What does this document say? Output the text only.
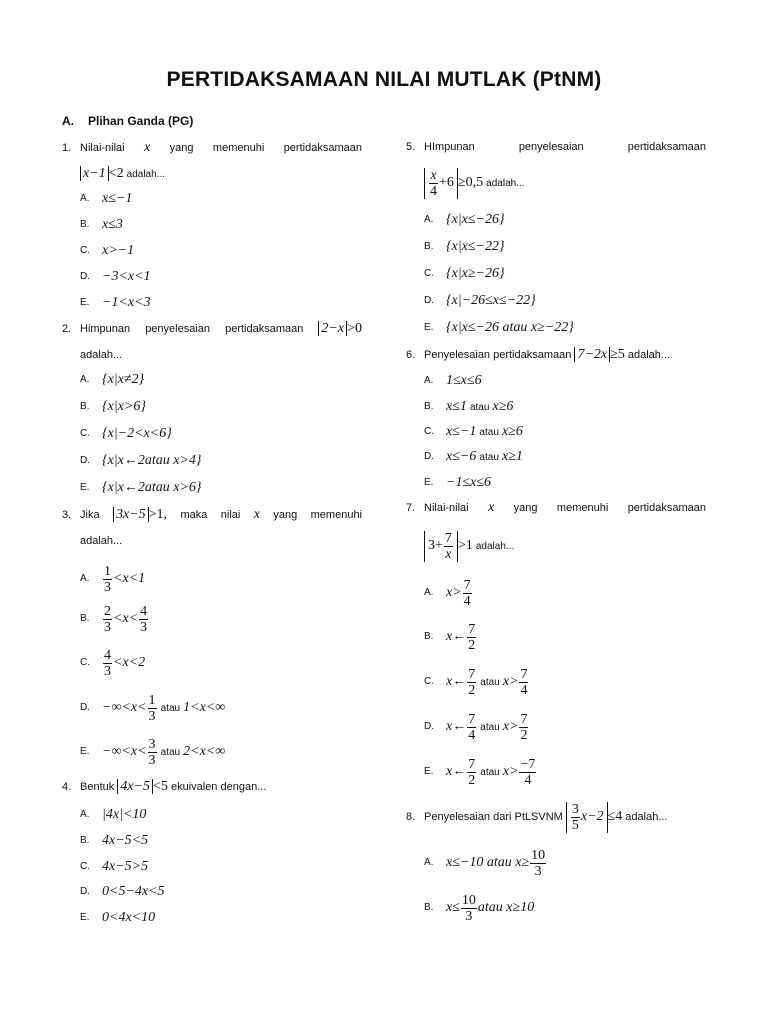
PERTIDAKSAMAAN NILAI MUTLAK (PtNM)
A. Plihan Ganda (PG)
1. Nilai-nilai x yang memenuhi pertidaksamaan
x−1 <2 adalah...
A. x≤−1
B. x≤3
C. x>−1
D. −3<x<1
E. −1<x<3
2. Himpunan penyelesaian pertidaksamaan 2−x >0
adalah...
A. {x|x≠2}
B. {x|x>6}
C. {x|−2<x<6}
D. {x|x←2atau x>4}
E. {x|x←2atau x>6}
3. Jika 3x−5 >1, maka nilai x yang memenuhi
adalah...
A. $\frac{1}{3} <x<1$
B. $\frac{2}{3} <x< \frac{4}{3}$
C. $\frac{4}{3} <x<2$
D. $-\infty<x< \frac{1}{3}$ atau 1<x<∞
E. $-\infty<x< \frac{3}{3}$ atau 2<x<∞
4. Bentuk 4x−5 <5 ekuivalen dengan...
A. |4x|<10
B. 4x−5<5
C. 4x−5>5
D. 0<5−4x<5
E. 0<4x<10
5. HImpunan	penyelesaian	pertidaksamaan
$\frac{x}{4} +6 \ge 0,5$
adalah...
A. {x|x≤−26}
B. {x|x≤−22}
C. {x|x≥−26}
D. {x|−26≤x≤−22}
E. {x|x≤−26 atau x≥−22}
6. Penyelesaian pertidaksamaan 7−2x ≥5 adalah...
A. 1≤x≤6
B. x≤1 atau x≥6
C. x≤−1 atau x≥6
D. x≤−6 atau x≥1
E. −1≤x≤6
7. Nilai-nilai x yang memenuhi pertidaksamaan
$3+ \frac{7}{x} >1$
adalah...
A. $x> \frac{7}{4}$
B. x← $\frac{7}{2}$
C. x← $\frac{7}{2}$ atau $x> \frac{7}{4}$
D. x← $\frac{7}{4}$ atau $x> \frac{7}{2}$
E. x← $\frac{7}{2}$ atau $x> \frac{-7}{4}$
8. Penyelesaian dari PtLSVNM
$\frac{3}{5} x-2 \le 4$
adalah...
A. x≤−10 atau $x\ge \frac{10}{3}$
B. $x\le \frac{10}{3}$ atau x≥10
